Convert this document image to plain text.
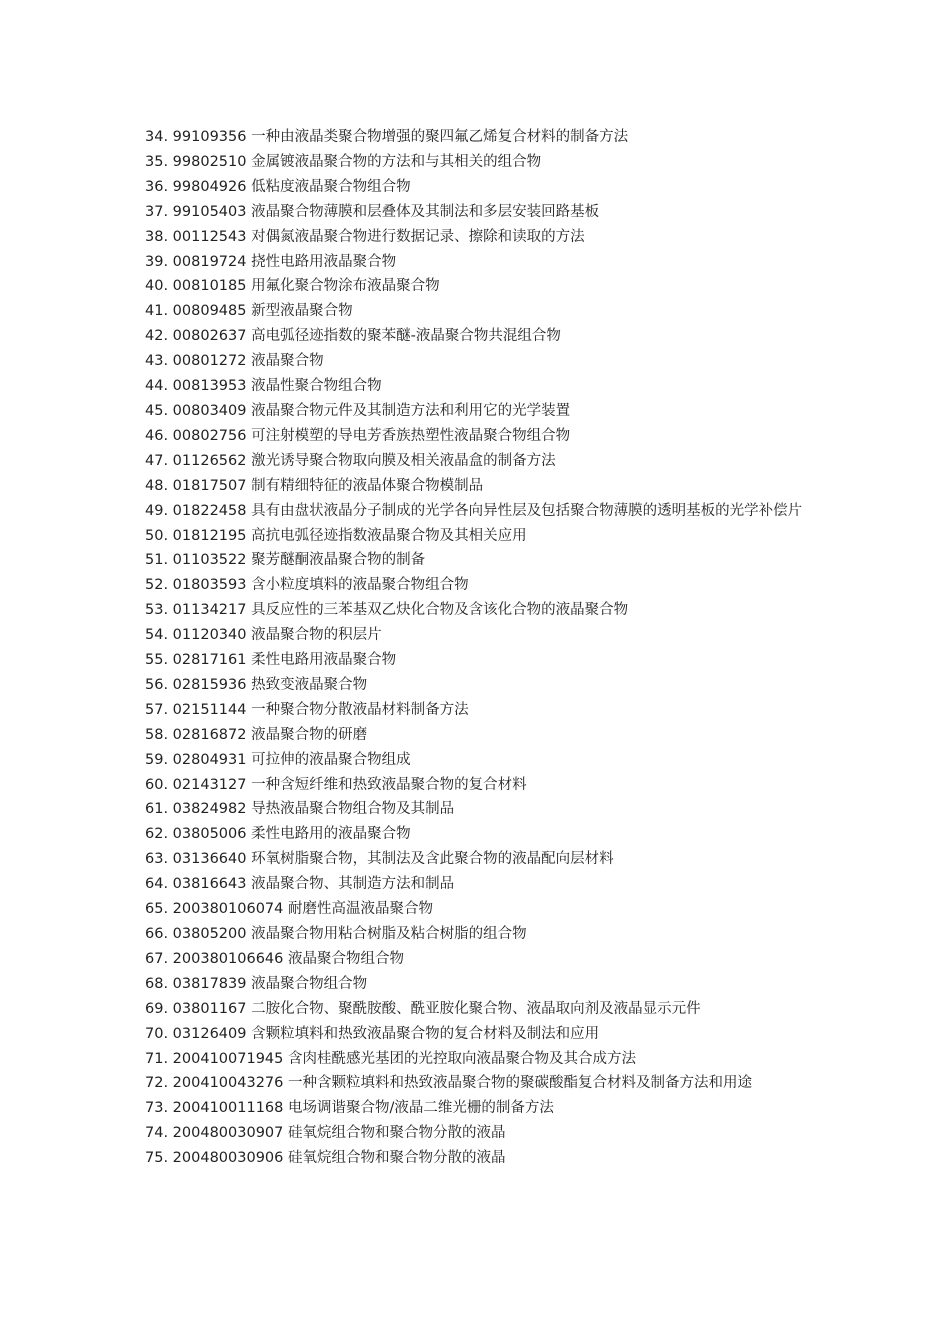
34. 99109356 一种由液晶类聚合物增强的聚四氟乙烯复合材料的制备方法
35. 99802510 金属镀液晶聚合物的方法和与其相关的组合物
36. 99804926 低粘度液晶聚合物组合物
37. 99105403 液晶聚合物薄膜和层叠体及其制法和多层安装回路基板
38. 00112543 对偶氮液晶聚合物进行数据记录、擦除和读取的方法
39. 00819724 挠性电路用液晶聚合物
40. 00810185 用氟化聚合物涂布液晶聚合物
41. 00809485 新型液晶聚合物
42. 00802637 高电弧径迹指数的聚苯醚-液晶聚合物共混组合物
43. 00801272 液晶聚合物
44. 00813953 液晶性聚合物组合物
45. 00803409 液晶聚合物元件及其制造方法和利用它的光学装置
46. 00802756 可注射模塑的导电芳香族热塑性液晶聚合物组合物
47. 01126562 激光诱导聚合物取向膜及相关液晶盒的制备方法
48. 01817507 制有精细特征的液晶体聚合物模制品
49. 01822458 具有由盘状液晶分子制成的光学各向异性层及包括聚合物薄膜的透明基板的光学补偿片
50. 01812195 高抗电弧径迹指数液晶聚合物及其相关应用
51. 01103522 聚芳醚酮液晶聚合物的制备
52. 01803593 含小粒度填料的液晶聚合物组合物
53. 01134217 具反应性的三苯基双乙炔化合物及含该化合物的液晶聚合物
54. 01120340 液晶聚合物的积层片
55. 02817161 柔性电路用液晶聚合物
56. 02815936 热致变液晶聚合物
57. 02151144 一种聚合物分散液晶材料制备方法
58. 02816872 液晶聚合物的研磨
59. 02804931 可拉伸的液晶聚合物组成
60. 02143127 一种含短纤维和热致液晶聚合物的复合材料
61. 03824982 导热液晶聚合物组合物及其制品
62. 03805006 柔性电路用的液晶聚合物
63. 03136640 环氧树脂聚合物，其制法及含此聚合物的液晶配向层材料
64. 03816643 液晶聚合物、其制造方法和制品
65. 200380106074 耐磨性高温液晶聚合物
66. 03805200 液晶聚合物用粘合树脂及粘合树脂的组合物
67. 200380106646 液晶聚合物组合物
68. 03817839 液晶聚合物组合物
69. 03801167 二胺化合物、聚酰胺酸、酰亚胺化聚合物、液晶取向剂及液晶显示元件
70. 03126409 含颗粒填料和热致液晶聚合物的复合材料及制法和应用
71. 200410071945 含肉桂酰感光基团的光控取向液晶聚合物及其合成方法
72. 200410043276 一种含颗粒填料和热致液晶聚合物的聚碳酸酯复合材料及制备方法和用途
73. 200410011168 电场调谐聚合物/液晶二维光栅的制备方法
74. 200480030907 硅氧烷组合物和聚合物分散的液晶
75. 200480030906 硅氧烷组合物和聚合物分散的液晶
